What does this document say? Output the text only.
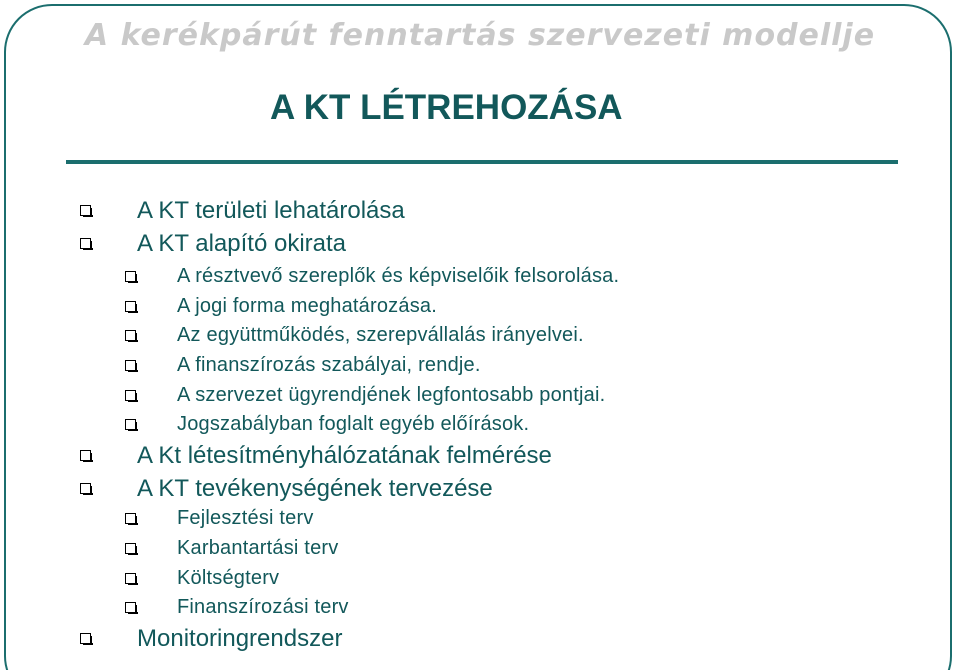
A kerékpárút fenntartás szervezeti modellje
A KT LÉTREHOZÁSA
A KT területi lehatárolása
A KT alapító okirata
A résztvevő szereplők és képviselőik felsorolása.
A jogi forma meghatározása.
Az együttműködés, szerepvállalás irányelvei.
A finanszírozás szabályai, rendje.
A szervezet ügyrendjének legfontosabb pontjai.
Jogszabályban foglalt egyéb előírások.
A Kt létesítményhálózatának felmérése
A KT tevékenységének tervezése
Fejlesztési terv
Karbantartási terv
Költségterv
Finanszírozási terv
Monitoringrendszer
